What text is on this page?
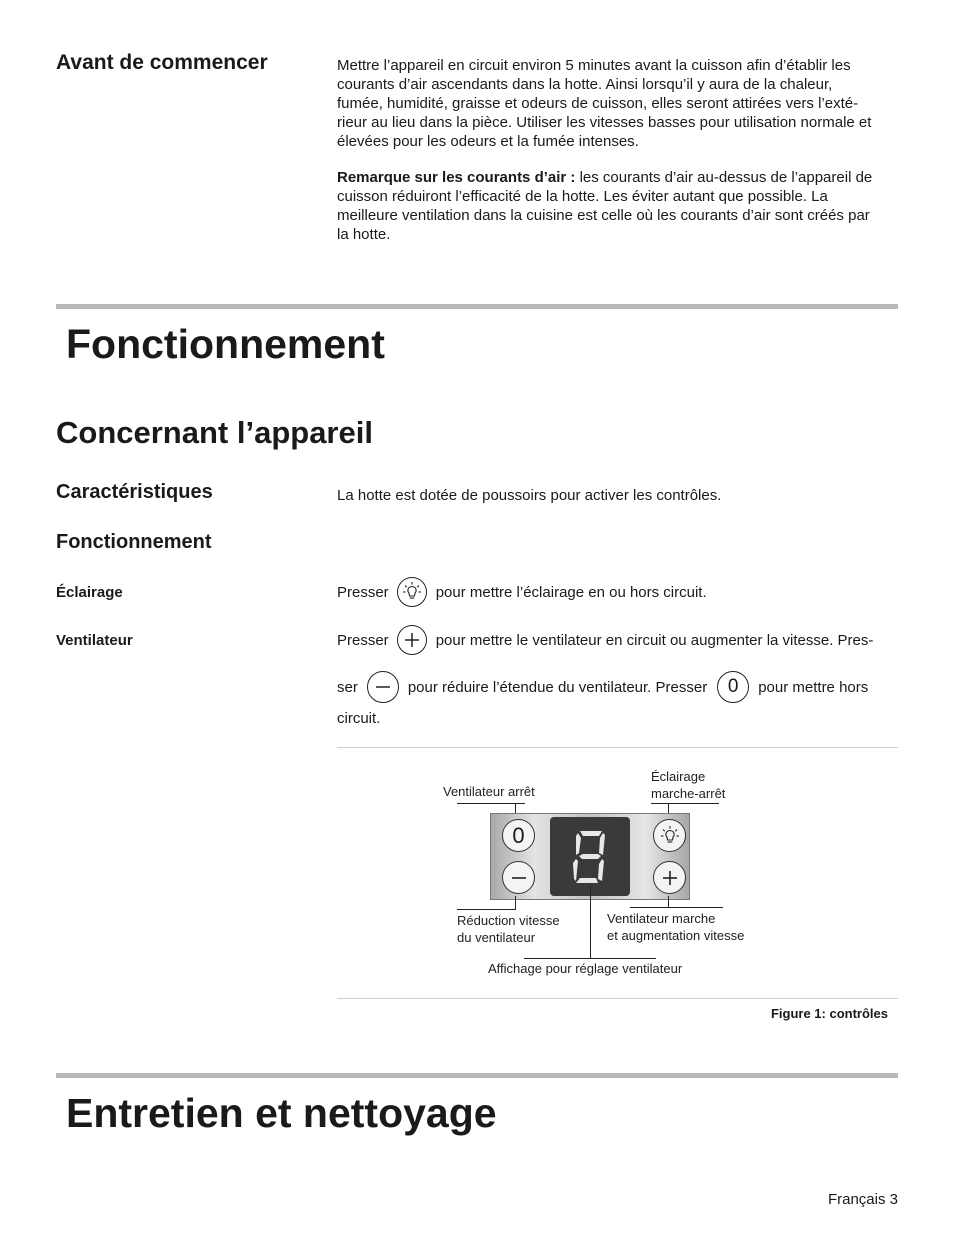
Avant de commencer	Mettre l’appareil en circuit environ 5 minutes avant la cuisson afin d’établir les
courants d’air ascendants dans la hotte. Ainsi lorsqu’il y aura de la chaleur,
fumée, humidité, graisse et odeurs de cuisson, elles seront attirées vers l’exté-
rieur au lieu dans la pièce. Utiliser les vitesses basses pour utilisation normale et
élevées pour les odeurs et la fumée intenses.
Remarque sur les courants d’air : les courants d’air au-dessus de l’appareil de
cuisson réduiront l’efficacité de la hotte. Les éviter autant que possible. La
meilleure ventilation dans la cuisine est celle où les courants d’air sont créés par
la hotte.
Fonctionnement
Concernant l’appareil
Caractéristiques	La hotte est dotée de poussoirs pour activer les contrôles.
Fonctionnement
Éclairage	Presser	pour mettre l’éclairage en ou hors circuit.
Ventilateur	Presser	pour mettre le ventilateur en circuit ou augmenter la vitesse. Pres-
ser	pour réduire l’étendue du ventilateur. Presser	0	pour mettre hors
circuit.
Ventilateur arrêt
Éclairage
marche-arrêt
0
Réduction vitesse
du ventilateur
Ventilateur marche
et augmentation vitesse
Affichage pour réglage ventilateur
Figure 1: contrôles
Entretien et nettoyage
Français 3
